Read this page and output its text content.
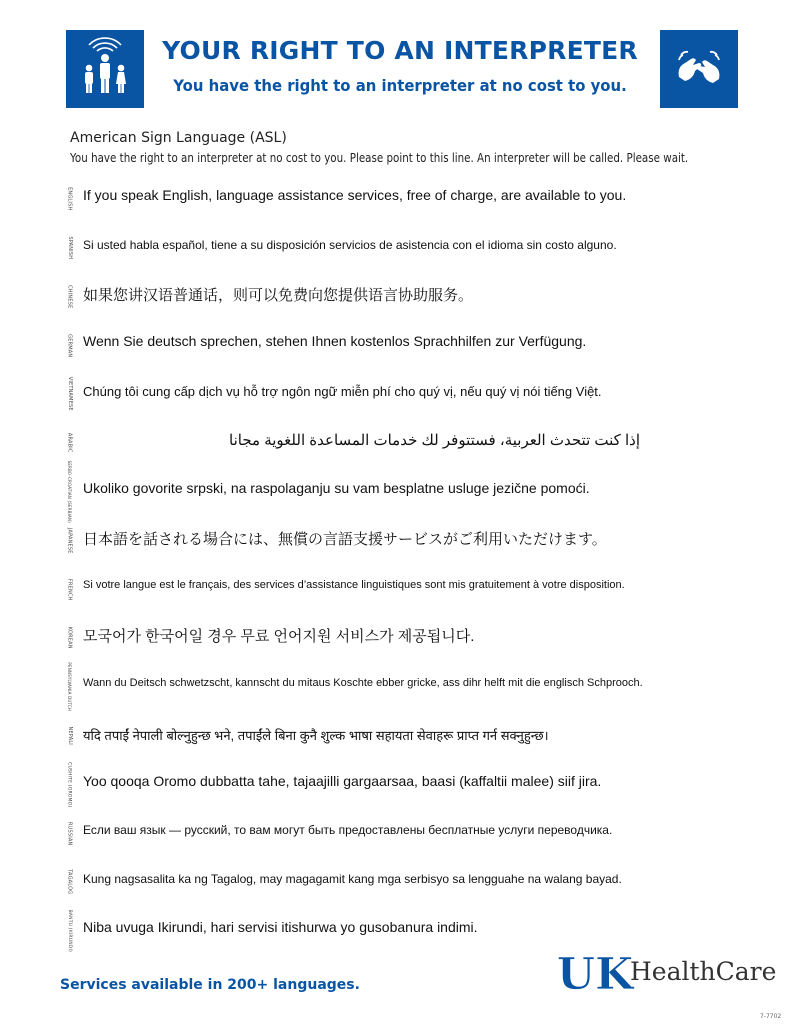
YOUR RIGHT TO AN INTERPRETER
You have the right to an interpreter at no cost to you.
American Sign Language (ASL)
You have the right to an interpreter at no cost to you. Please point to this line. An interpreter will be called. Please wait.
ENGLISH If you speak English, language assistance services, free of charge, are available to you.
SPANISH Si usted habla español, tiene a su disposición servicios de asistencia con el idioma sin costo alguno.
CHINESE 如果您讲汉语普通话，则可以免费向您提供语言协助服务。
GERMAN Wenn Sie deutsch sprechen, stehen Ihnen kostenlos Sprachhilfen zur Verfügung.
VIETNAMESE Chúng tôi cung cấp dịch vụ hỗ trợ ngôn ngữ miễn phí cho quý vị, nếu quý vị nói tiếng Việt.
ARABIC	إذا كنت تتحدث العربية، فستتوفر لك خدمات المساعدة اللغوية مجانا
SERBO-CROATIAN (SERBIAN) Ukoliko govorite srpski, na raspolaganju su vam besplatne usluge jezične pomoći.
JAPANESE 日本語を話される場合には、無償の言語支援サービスがご利用いただけます。
FRENCH Si votre langue est le français, des services d’assistance linguistiques sont mis gratuitement à votre disposition.
KOREAN 모국어가 한국어일 경우 무료 언어지원 서비스가 제공됩니다.
PENNSYLVANIA DUTCH Wann du Deitsch schwetzscht, kannscht du mitaus Koschte ebber gricke, ass dihr helft mit die englisch Schprooch.
NEPALI यदि तपाईं नेपाली बोल्नुहुन्छ भने, तपाईंले बिना कुनै शुल्क भाषा सहायता सेवाहरू प्राप्त गर्न सक्नुहुन्छ।
CUSHITE (OROMO) Yoo qooqa Oromo dubbatta tahe, tajaajilli gargaarsaa, baasi (kaffaltii malee) siif jira.
RUSSIAN Если ваш язык — русский, то вам могут быть предоставлены бесплатные услуги переводчика.
TAGALOG Kung nagsasalita ka ng Tagalog, may magagamit kang mga serbisyo sa lengguahe na walang bayad.
BANTU (KIRUNDI) Niba uvuga Ikirundi, hari servisi itishurwa yo gusobanura indimi.
Services available in 200+ languages.	UK
HealthCare
7-7702
